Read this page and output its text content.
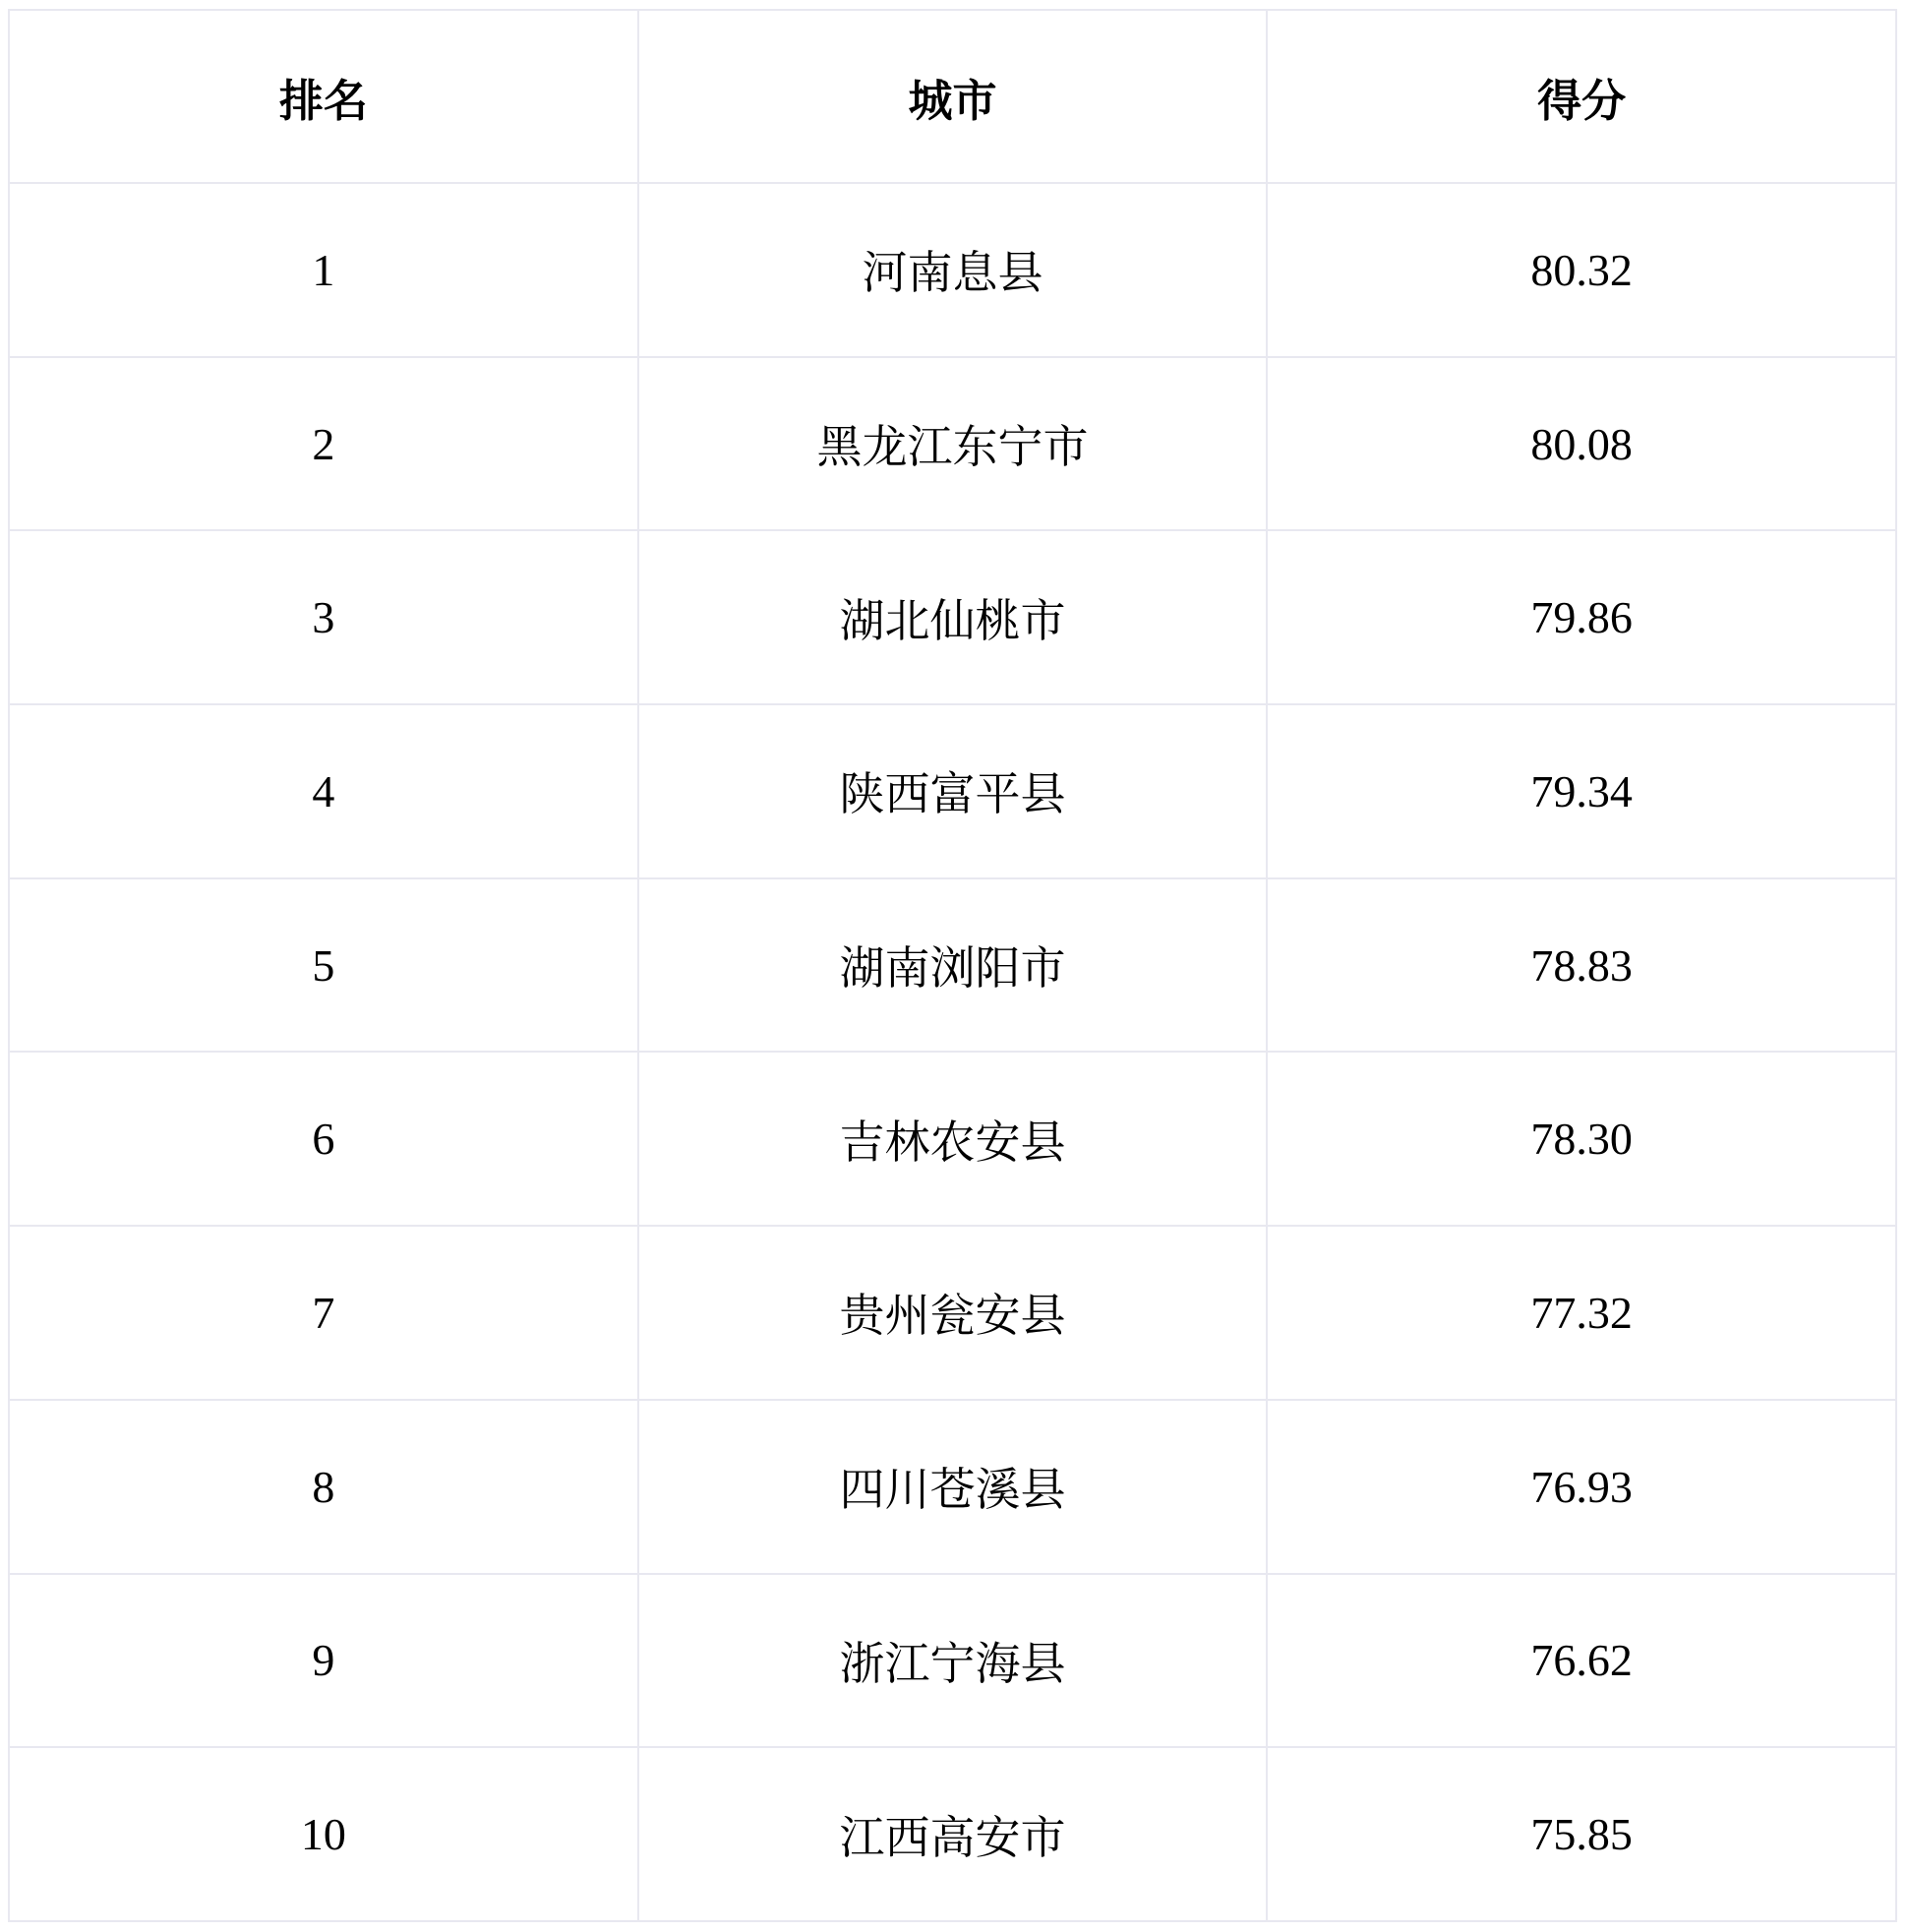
排名	城市	得分
1	河南息县	80.32
2	黑龙江东宁市	80.08
3	湖北仙桃市	79.86
4	陕西富平县	79.34
5	湖南浏阳市	78.83
6	吉林农安县	78.30
7	贵州瓮安县	77.32
8	四川苍溪县	76.93
9	浙江宁海县	76.62
10	江西高安市	75.85
